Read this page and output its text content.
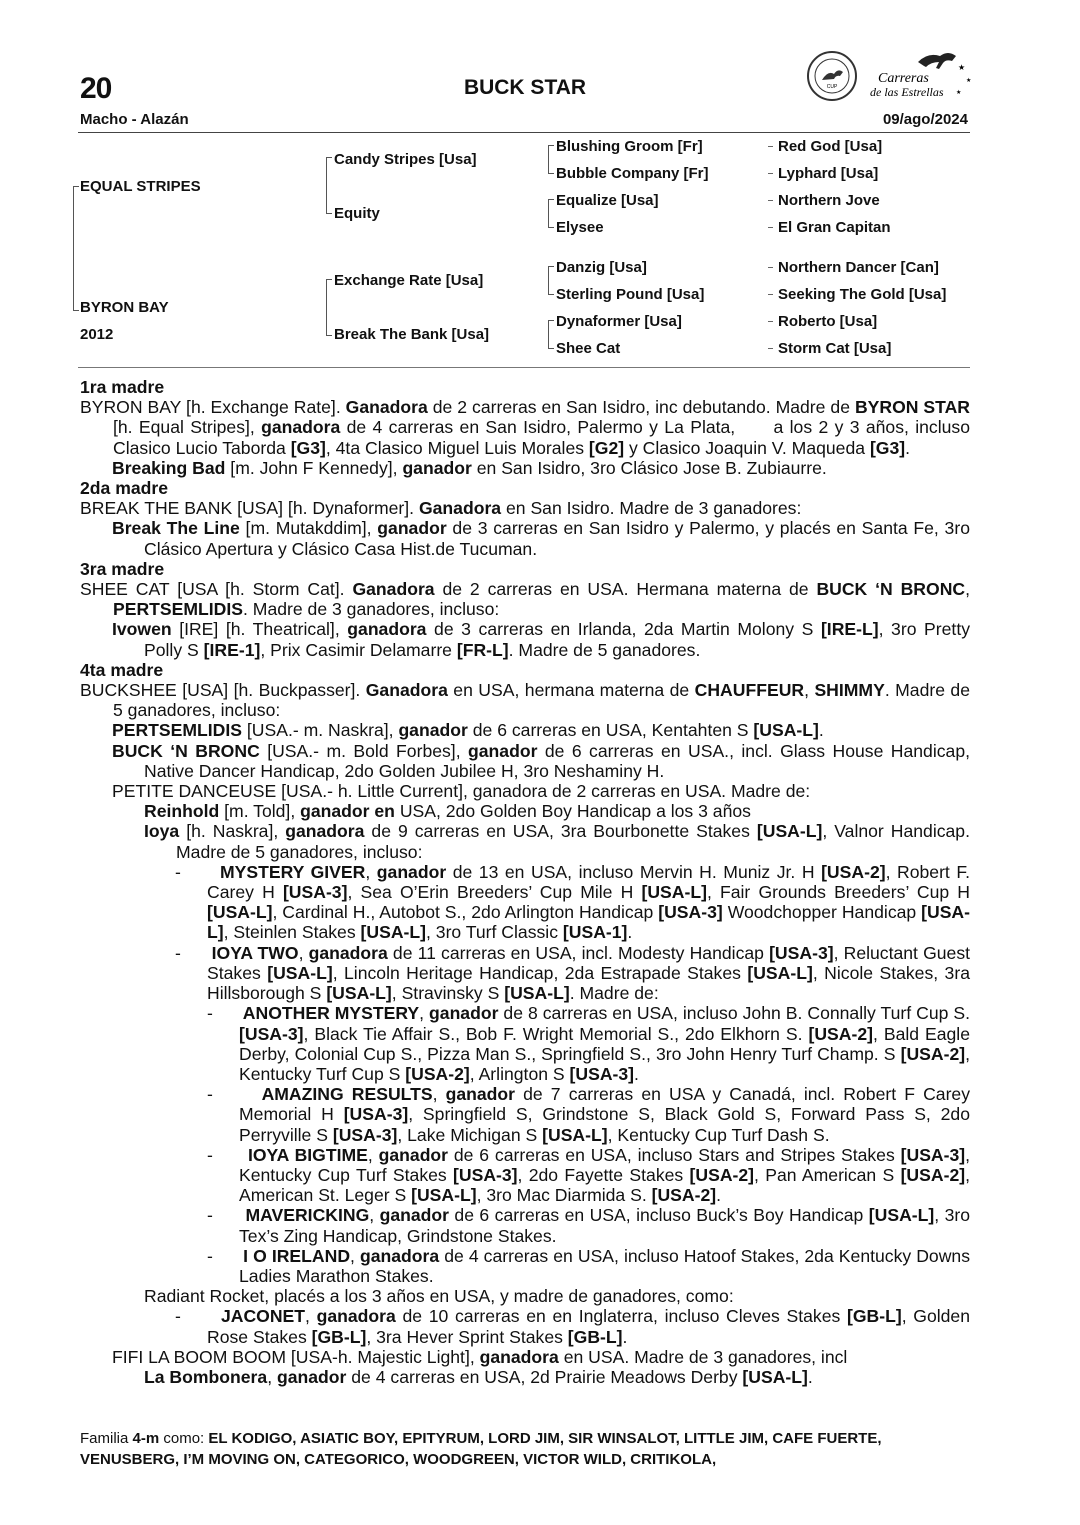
20	BUCK STAR
Macho - Alazán	09/ago/2024
CUP
Carreras
de las Estrellas
★
★
★
EQUAL STRIPES
BYRON BAY
2012
Candy Stripes [Usa]
Equity
Exchange Rate [Usa]
Break The Bank [Usa]
Blushing Groom [Fr]
Bubble Company [Fr]
Equalize [Usa]
Elysee
Danzig [Usa]
Sterling Pound [Usa]
Dynaformer [Usa]
Shee Cat
Red God [Usa]
Lyphard [Usa]
Northern Jove
El Gran Capitan
Northern Dancer [Can]
Seeking The Gold [Usa]
Roberto [Usa]
Storm Cat [Usa]

1ra madre

BYRON BAY [h. Exchange Rate]. Ganadora de 2 carreras en San Isidro, inc debutando. Madre de BYRON STAR [h. Equal Stripes], ganadora de 4 carreras en San Isidro, Palermo y La Plata, a los 2 y 3 años, incluso Clasico Lucio Taborda [G3], 4ta Clasico Miguel Luis Morales [G2] y Clasico Joaquin V. Maqueda [G3].

Breaking Bad [m. John F Kennedy], ganador en San Isidro, 3ro Clásico Jose B. Zubiaurre.

2da madre

BREAK THE BANK [USA] [h. Dynaformer]. Ganadora en San Isidro. Madre de 3 ganadores:

Break The Line [m. Mutakddim], ganador de 3 carreras en San Isidro y Palermo, y placés en Santa Fe, 3ro Clásico Apertura y Clásico Casa Hist.de Tucuman.

3ra madre

SHEE CAT [USA [h. Storm Cat]. Ganadora de 2 carreras en USA. Hermana materna de BUCK ‘N BRONC, PERTSEMLIDIS. Madre de 3 ganadores, incluso:

Ivowen [IRE] [h. Theatrical], ganadora de 3 carreras en Irlanda, 2da Martin Molony S [IRE-L], 3ro Pretty Polly S [IRE-1], Prix Casimir Delamarre [FR-L]. Madre de 5 ganadores.

4ta madre

BUCKSHEE [USA] [h. Buckpasser]. Ganadora en USA, hermana materna de CHAUFFEUR, SHIMMY. Madre de 5 ganadores, incluso:

PERTSEMLIDIS [USA.- m. Naskra], ganador de 6 carreras en USA, Kentahten S [USA-L].

BUCK ‘N BRONC [USA.- m. Bold Forbes], ganador de 6 carreras en USA., incl. Glass House Handicap, Native Dancer Handicap, 2do Golden Jubilee H, 3ro Neshaminy H.

PETITE DANCEUSE [USA.- h. Little Current], ganadora de 2 carreras en USA. Madre de:

Reinhold [m. Told], ganador en USA, 2do Golden Boy Handicap a los 3 años

Ioya [h. Naskra], ganadora de 9 carreras en USA, 3ra Bourbonette Stakes [USA-L], Valnor Handicap. Madre de 5 ganadores, incluso:

-      MYSTERY GIVER, ganador de 13 en USA, incluso Mervin H. Muniz Jr. H [USA-2], Robert F. Carey H [USA-3], Sea O’Erin Breeders’ Cup Mile H [USA-L], Fair Grounds Breeders’ Cup H [USA-L], Cardinal H., Autobot S., 2do Arlington Handicap [USA-3] Woodchopper Handicap [USA-L], Steinlen Stakes [USA-L], 3ro Turf Classic [USA-1].

-      IOYA TWO, ganadora de 11 carreras en USA, incl. Modesty Handicap [USA-3], Reluctant Guest Stakes [USA-L], Lincoln Heritage Handicap, 2da Estrapade Stakes [USA-L], Nicole Stakes, 3ra Hillsborough S [USA-L], Stravinsky S [USA-L]. Madre de:

-      ANOTHER MYSTERY, ganador de 8 carreras en USA, incluso John B. Connally Turf Cup S. [USA-3], Black Tie Affair S., Bob F. Wright Memorial S., 2do Elkhorn S. [USA-2], Bald Eagle Derby, Colonial Cup S., Pizza Man S., Springfield S., 3ro John Henry Turf Champ. S [USA-2], Kentucky Turf Cup S [USA-2], Arlington S [USA-3].

-      AMAZING RESULTS, ganador de 7 carreras en USA y Canadá, incl. Robert F Carey Memorial H [USA-3], Springfield S, Grindstone S, Black Gold S, Forward Pass S, 2do Perryville S [USA-3], Lake Michigan S [USA-L], Kentucky Cup Turf Dash S.

-      IOYA BIGTIME, ganador de 6 carreras en USA, incluso Stars and Stripes Stakes [USA-3], Kentucky Cup Turf Stakes [USA-3], 2do Fayette Stakes [USA-2], Pan American S [USA-2], American St. Leger S [USA-L], 3ro Mac Diarmida S. [USA-2].

-      MAVERICKING, ganador de 6 carreras en USA, incluso Buck’s Boy Handicap [USA-L], 3ro Tex’s Zing Handicap, Grindstone Stakes.

-      I O IRELAND, ganadora de 4 carreras en USA, incluso Hatoof Stakes, 2da Kentucky Downs Ladies Marathon Stakes.

Radiant Rocket, placés a los 3 años en USA, y madre de ganadores, como:

-      JACONET, ganadora de 10 carreras en en Inglaterra, incluso Cleves Stakes [GB-L], Golden Rose Stakes [GB-L], 3ra Hever Sprint Stakes [GB-L].

FIFI LA BOOM BOOM [USA-h. Majestic Light], ganadora en USA. Madre de 3 ganadores, incl

La Bombonera, ganador de 4 carreras en USA, 2d Prairie Meadows Derby [USA-L].

Familia 4-m como: EL KODIGO, ASIATIC BOY, EPITYRUM, LORD JIM, SIR WINSALOT, LITTLE JIM, CAFE FUERTE, VENUSBERG, I’M MOVING ON, CATEGORICO, WOODGREEN, VICTOR WILD, CRITIKOLA,
